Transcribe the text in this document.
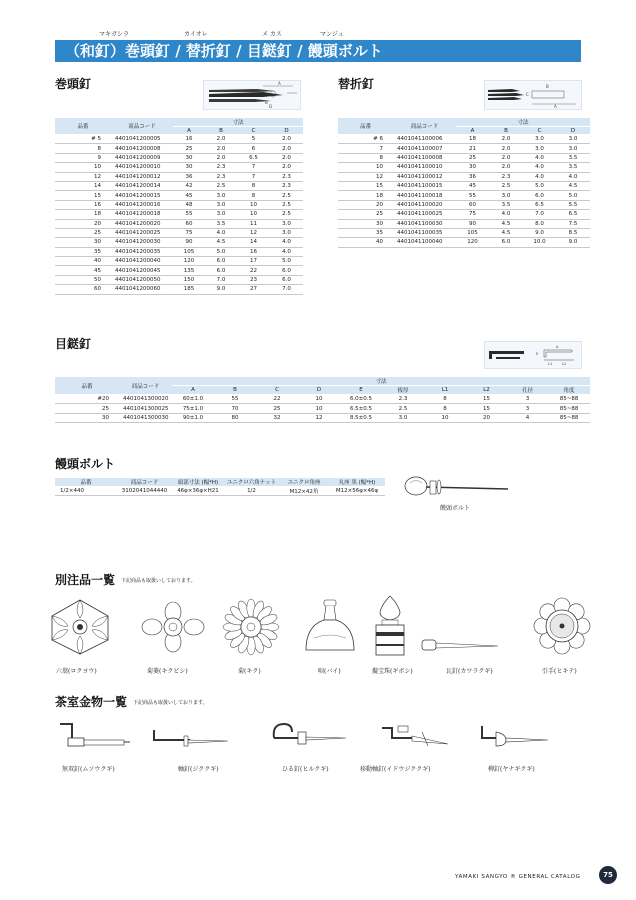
（和釘）巻頭釘 / 替折釘 / 目鎹釘 / 饅頭ボルト
マキガシラ	カイオレ	メ カス	マンジュ
巻頭釘	A
B
D
品番	商品コード	寸法			
		A	B	C	D
# 5	4401041200005	16	2.0	5	2.0
8	4401041200008	25	2.0	6	2.0
9	4401041200009	30	2.0	6.5	2.0
10	4401041200010	30	2.3	7	2.0
12	4401041200012	36	2.3	7	2.3
14	4401041200014	42	2.5	8	2.3
15	4401041200015	45	3.0	8	2.5
16	4401041200016	48	3.0	10	2.5
18	4401041200018	55	3.0	10	2.5
20	4401041200020	60	3.5	11	3.0
25	4401041200025	75	4.0	12	3.0
30	4401041200030	90	4.5	14	4.0
35	4401041200035	105	5.0	16	4.0
40	4401041200040	120	6.0	17	5.0
45	4401041200045	135	6.0	22	6.0
50	4401041200050	150	7.0	23	6.0
60	4401041200060	185	9.0	27	7.0
替折釘
A
B
C
品番	商品コード	寸法			
		A	B	C	D
# 6	4401041100006	18	2.0	3.0	3.0
7	4401041100007	21	2.0	3.0	3.0
8	4401041100008	25	2.0	4.0	3.5
10	4401041100010	30	2.0	4.0	3.5
12	4401041100012	36	2.3	4.0	4.0
15	4401041100015	45	2.5	5.0	4.5
18	4401041100018	55	3.0	6.0	5.0
20	4401041100020	60	3.5	6.5	5.5
25	4401041100025	75	4.0	7.0	6.5
30	4401041100030	90	4.5	8.0	7.5
35	4401041100035	105	4.5	9.0	8.5
40	4401041100040	120	6.0	10.0	9.0
目鎹釘	A
E
L1	L2
品番	商品コード	寸法									
		A	B	C	D	E	板厚	L1	L2	孔径	角度
#20	4401041300020	60±1.0	55	22	10	6.0±0.5	2.3	8	15	3	85~88
25	4401041300025	75±1.0	70	25	10	6.5±0.5	2.5	8	15	3	85~88
30	4401041300030	90±1.0	80	32	12	8.5±0.5	3.0	10	20	4	85~88
饅頭ボルト
品番	商品コード	頭部寸法 (幅*H)	ユニクロ六角ナット	ユニクロ角座	丸座 黒 (幅*H)
1/2×440	3102041044440	46φ×36φ×H21	1/2	M12×42角	M12×56φ×46φ
饅頭ボルト
別注品一覧 下記商品も取扱いしております。
六葉(ロクヨウ)	菊菱(キクビシ)	菊(キク)	唄(バイ)	擬宝珠(ギボシ)	瓦釘(カワラクギ)	引手(ヒキテ)
茶室金物一覧 下記商品も取扱いしております。
無双釘(ムソウクギ)	軸釘(ジククギ)	ひる釘(ヒルクギ)	移動軸釘(イドウジククギ)	柳釘(ヤナギクギ)
YAMAKI SANGYO ® GENERAL CATALOG	75
